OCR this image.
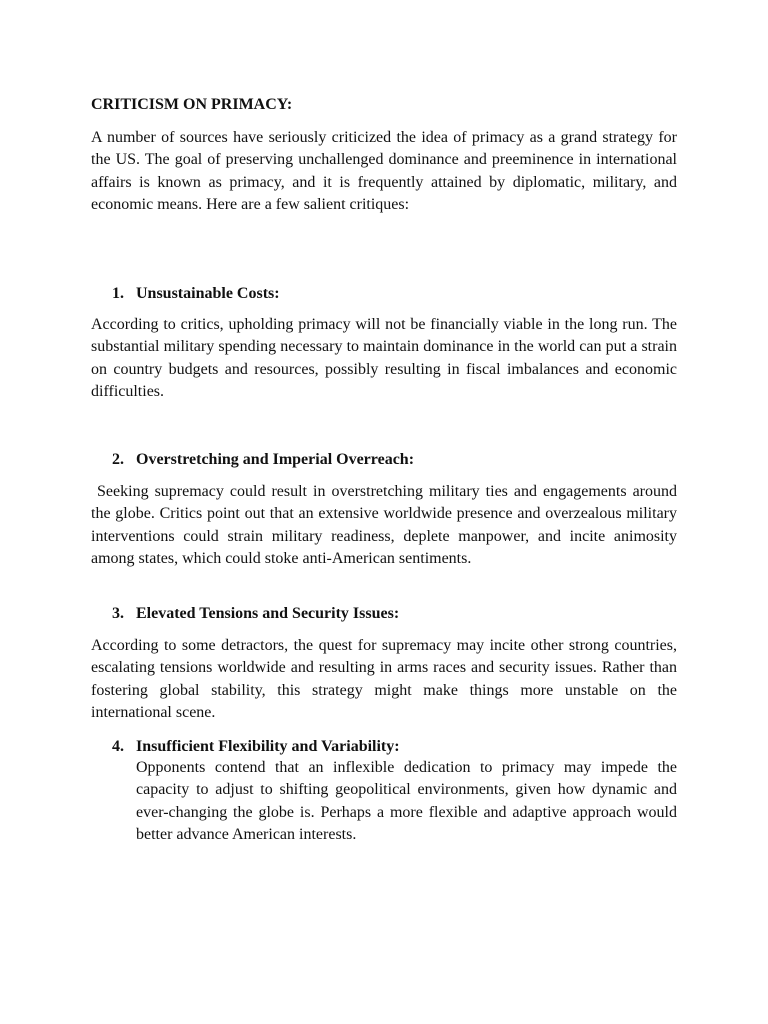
CRITICISM ON PRIMACY:

A number of sources have seriously criticized the idea of primacy as a grand strategy for the US. The goal of preserving unchallenged dominance and preeminence in international affairs is known as primacy, and it is frequently attained by diplomatic, military, and economic means. Here are a few salient critiques:

1. Unsustainable Costs:

According to critics, upholding primacy will not be financially viable in the long run. The substantial military spending necessary to maintain dominance in the world can put a strain on country budgets and resources, possibly resulting in fiscal imbalances and economic difficulties.

2. Overstretching and Imperial Overreach:

Seeking supremacy could result in overstretching military ties and engagements around the globe. Critics point out that an extensive worldwide presence and overzealous military interventions could strain military readiness, deplete manpower, and incite animosity among states, which could stoke anti-American sentiments.

3. Elevated Tensions and Security Issues:

According to some detractors, the quest for supremacy may incite other strong countries, escalating tensions worldwide and resulting in arms races and security issues. Rather than fostering global stability, this strategy might make things more unstable on the international scene.

4. Insufficient Flexibility and Variability:

Opponents contend that an inflexible dedication to primacy may impede the capacity to adjust to shifting geopolitical environments, given how dynamic and ever-changing the globe is. Perhaps a more flexible and adaptive approach would better advance American interests.
